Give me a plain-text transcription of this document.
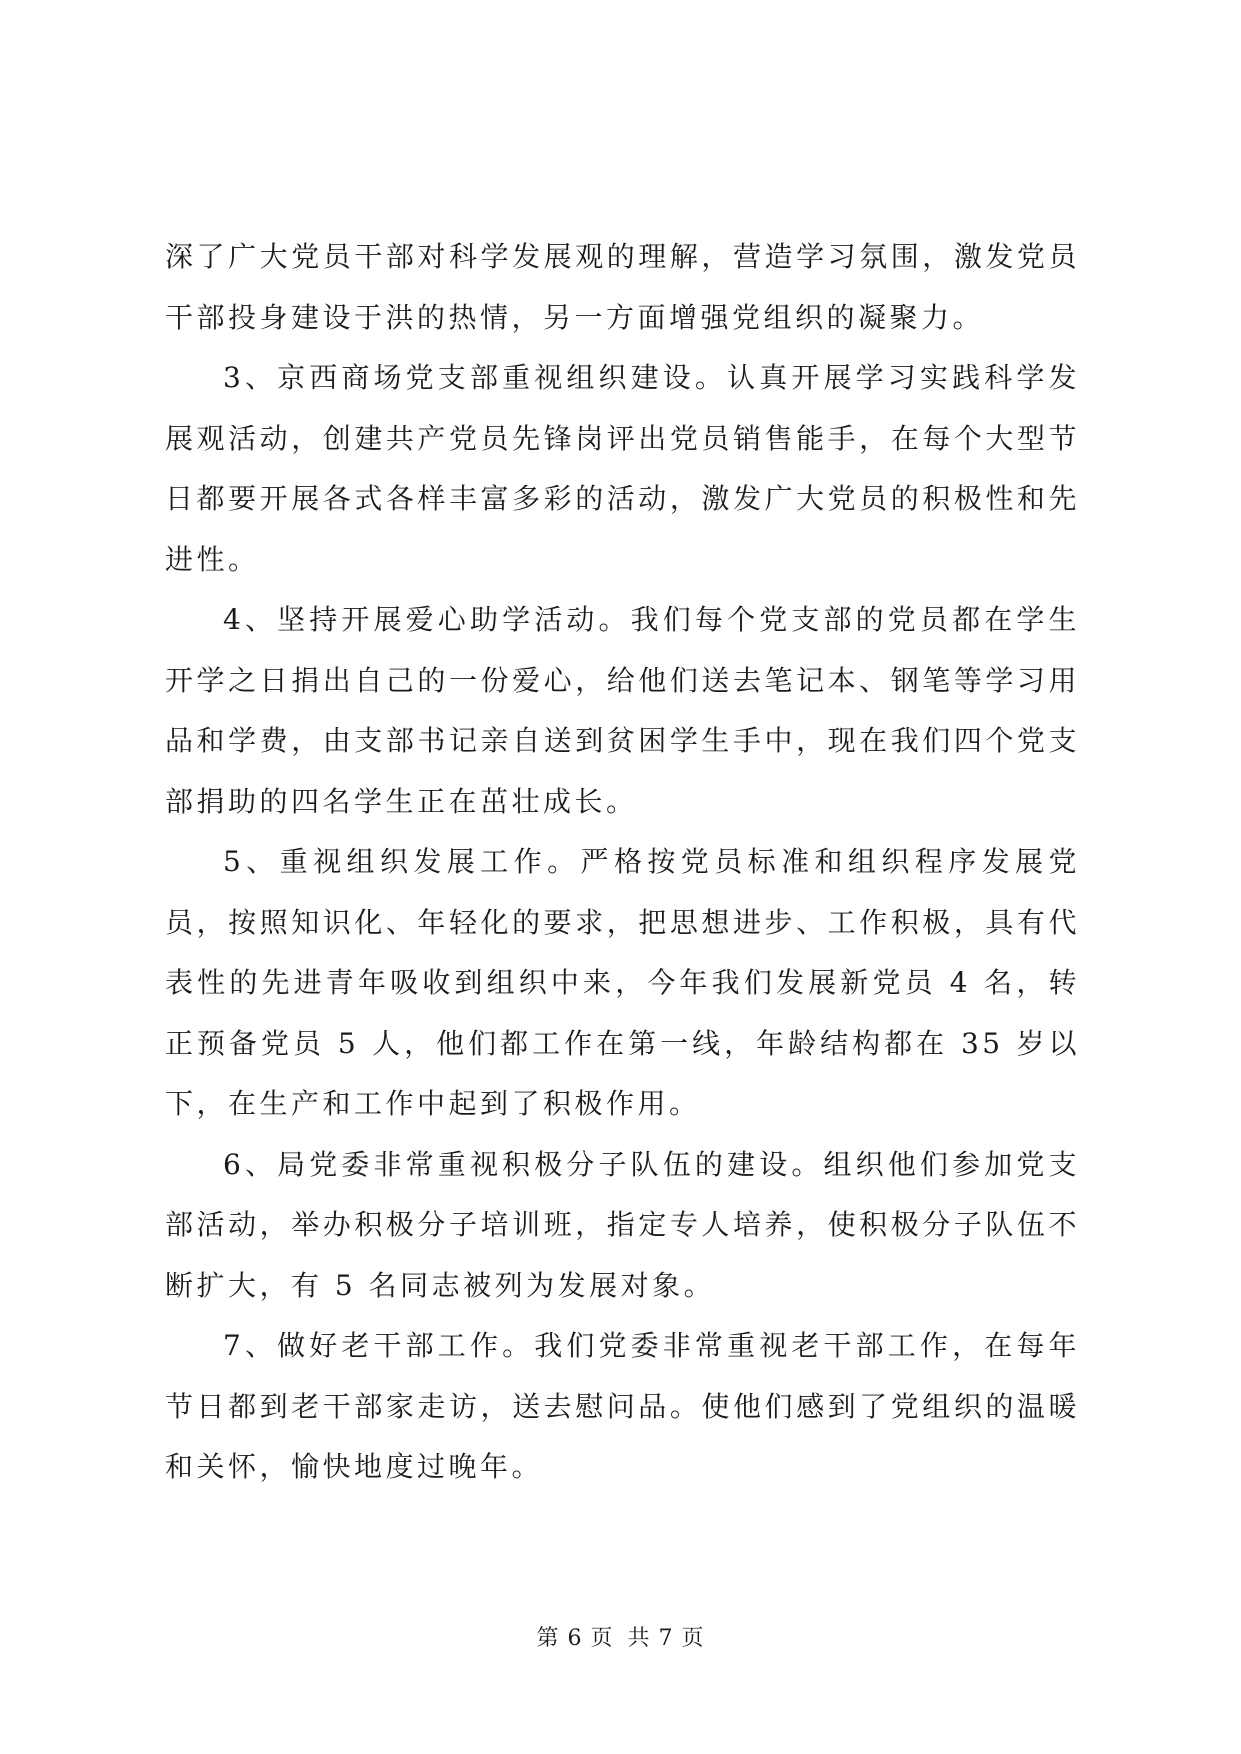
深了广大党员干部对科学发展观的理解，营造学习氛围，激发党员干部投身建设于洪的热情，另一方面增强党组织的凝聚力。

3、京西商场党支部重视组织建设。认真开展学习实践科学发展观活动，创建共产党员先锋岗评出党员销售能手，在每个大型节日都要开展各式各样丰富多彩的活动，激发广大党员的积极性和先进性。

4、坚持开展爱心助学活动。我们每个党支部的党员都在学生开学之日捐出自己的一份爱心，给他们送去笔记本、钢笔等学习用品和学费，由支部书记亲自送到贫困学生手中，现在我们四个党支部捐助的四名学生正在茁壮成长。

5、重视组织发展工作。严格按党员标准和组织程序发展党员，按照知识化、年轻化的要求，把思想进步、工作积极，具有代表性的先进青年吸收到组织中来，今年我们发展新党员 4 名，转正预备党员 5 人，他们都工作在第一线，年龄结构都在 35 岁以下，在生产和工作中起到了积极作用。

6、局党委非常重视积极分子队伍的建设。组织他们参加党支部活动，举办积极分子培训班，指定专人培养，使积极分子队伍不断扩大，有 5 名同志被列为发展对象。

7、做好老干部工作。我们党委非常重视老干部工作，在每年节日都到老干部家走访，送去慰问品。使他们感到了党组织的温暖和关怀，愉快地度过晚年。

第 6 页 共 7 页
